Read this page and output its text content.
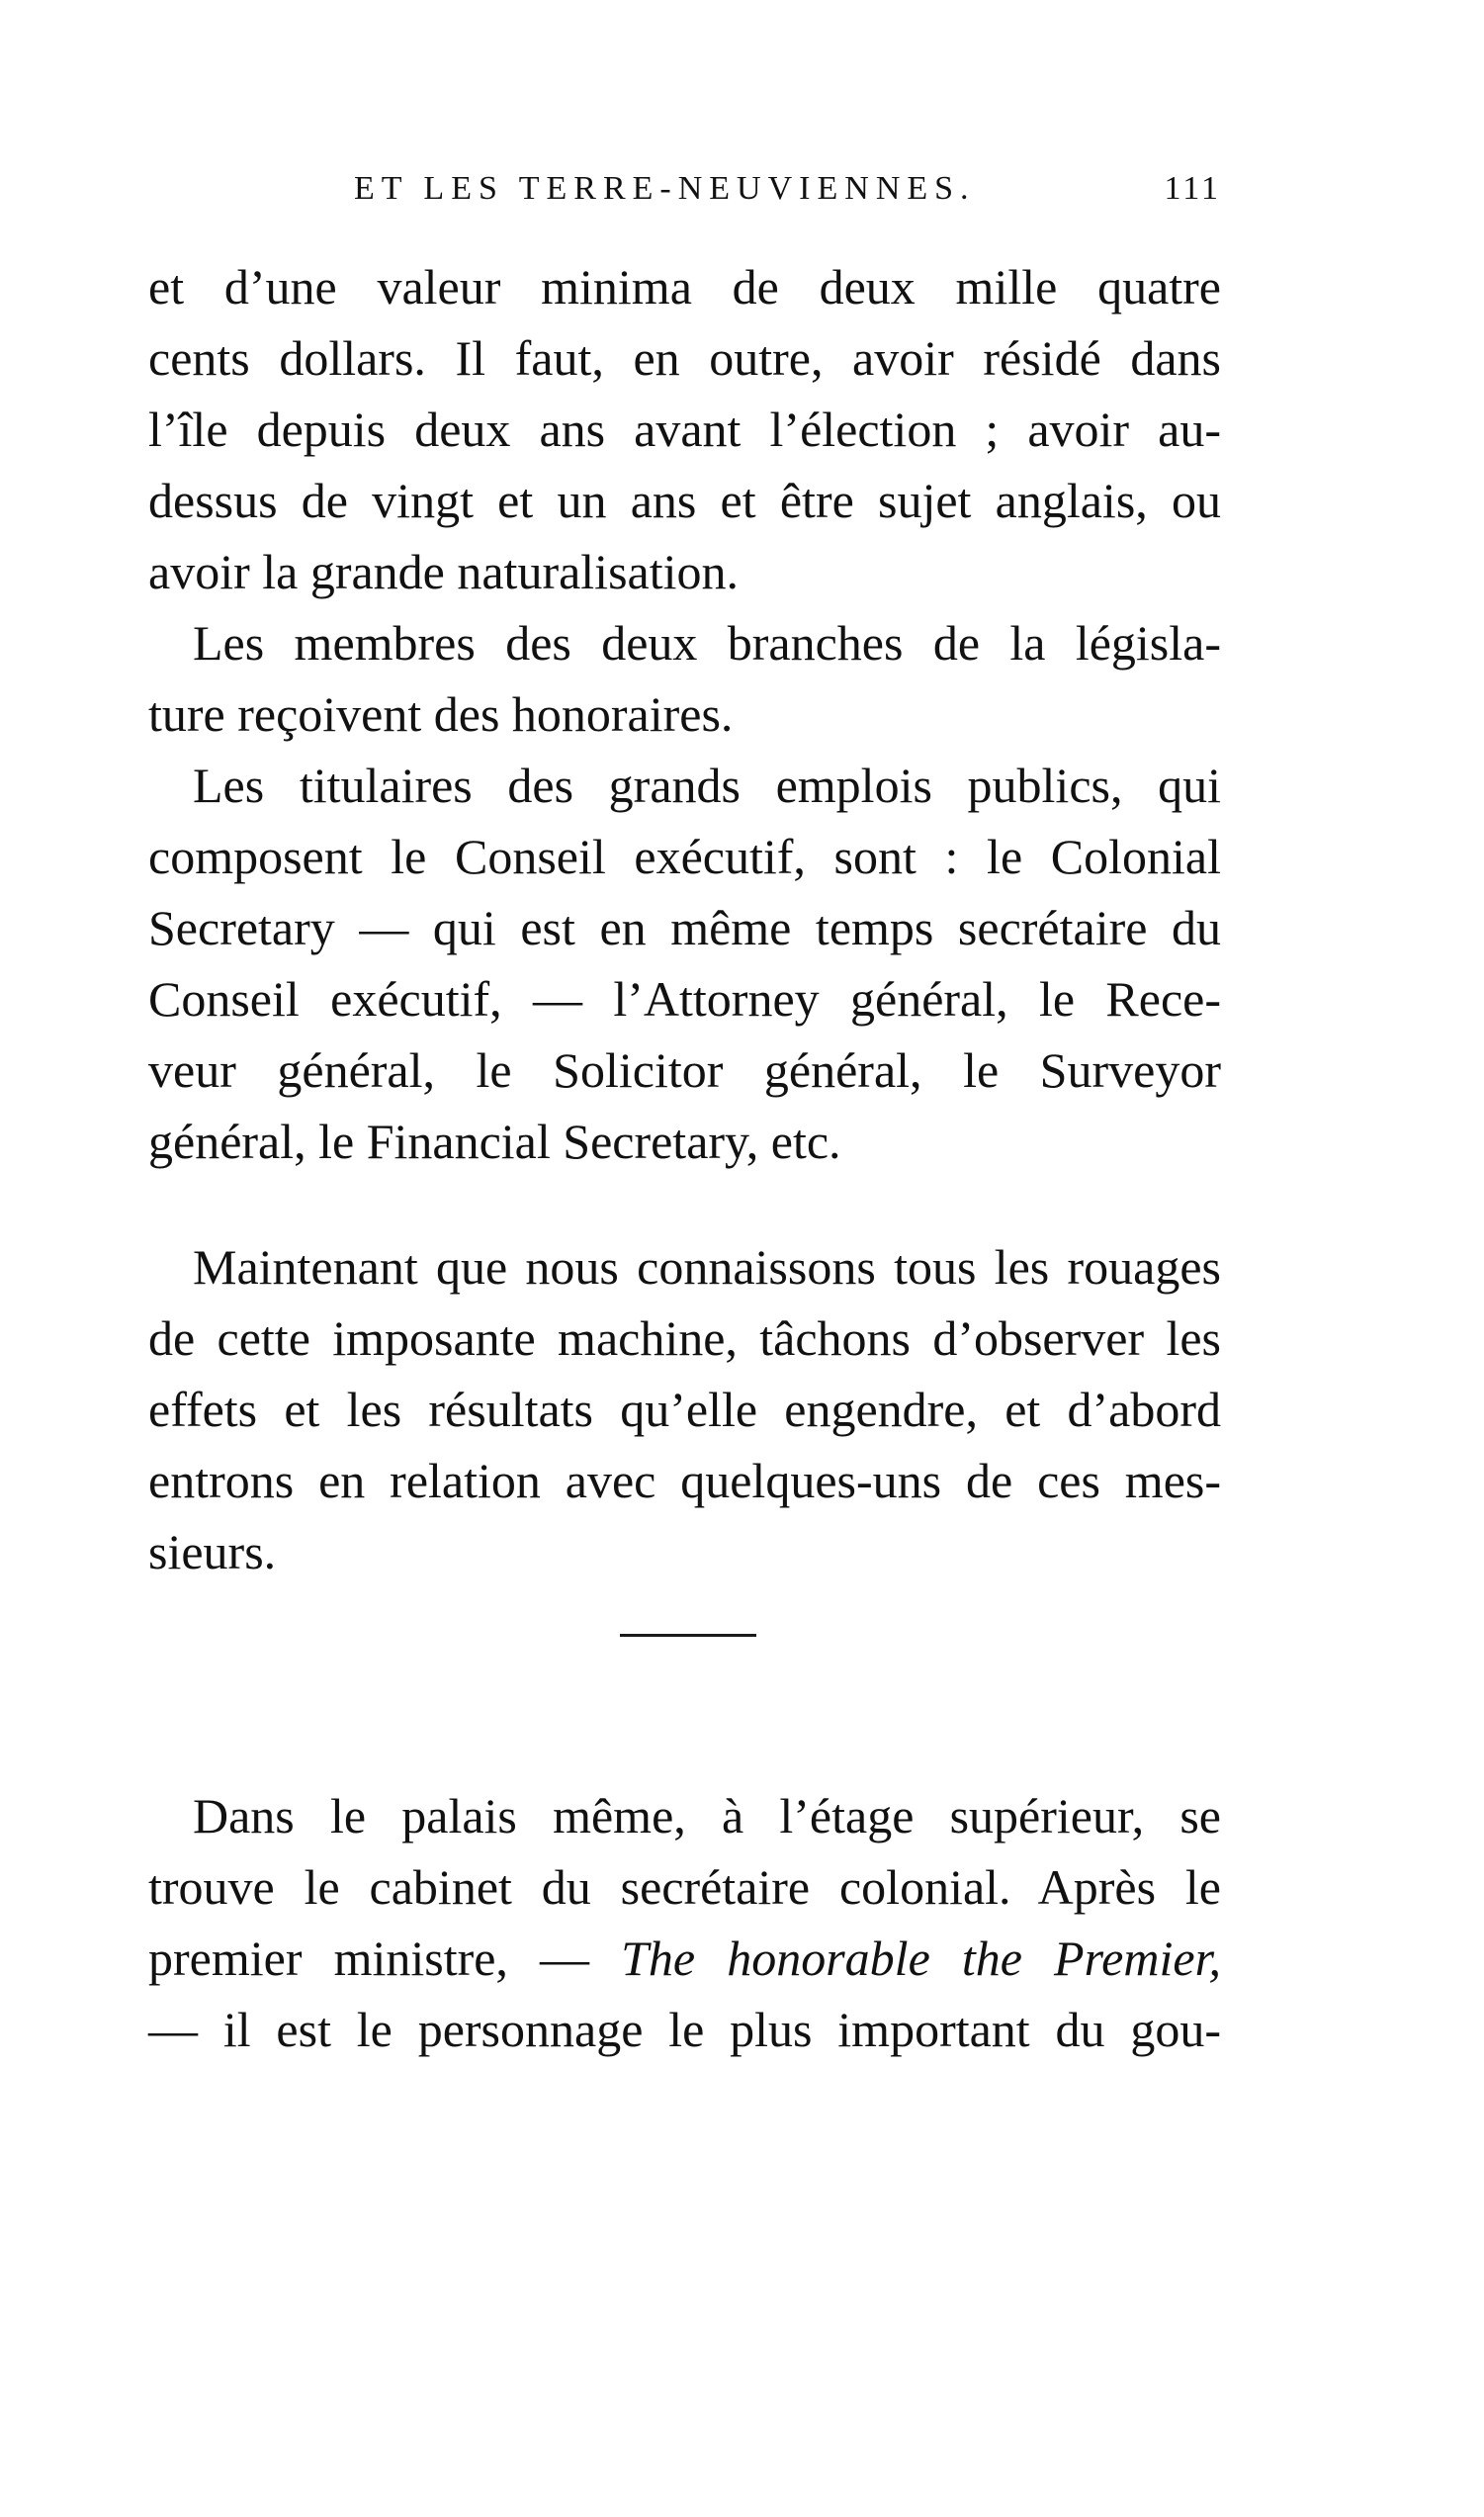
ET LES TERRE-NEUVIENNES.	111
et d’une valeur minima de deux mille quatre
cents dollars. Il faut, en outre, avoir résidé dans
l’île depuis deux ans avant l’élection ; avoir au-
dessus de vingt et un ans et être sujet anglais, ou
avoir la grande naturalisation.
Les membres des deux branches de la législa-
ture reçoivent des honoraires.
Les titulaires des grands emplois publics, qui
composent le Conseil exécutif, sont : le Colonial
Secretary — qui est en même temps secrétaire du
Conseil exécutif, — l’Attorney général, le Rece-
veur général, le Solicitor général, le Surveyor
général, le Financial Secretary, etc.
Maintenant que nous connaissons tous les rouages
de cette imposante machine, tâchons d’observer les
effets et les résultats qu’elle engendre, et d’abord
entrons en relation avec quelques-uns de ces mes-
sieurs.
Dans le palais même, à l’étage supérieur, se
trouve le cabinet du secrétaire colonial. Après le
premier ministre, — The honorable the Premier,
— il est le personnage le plus important du gou-
